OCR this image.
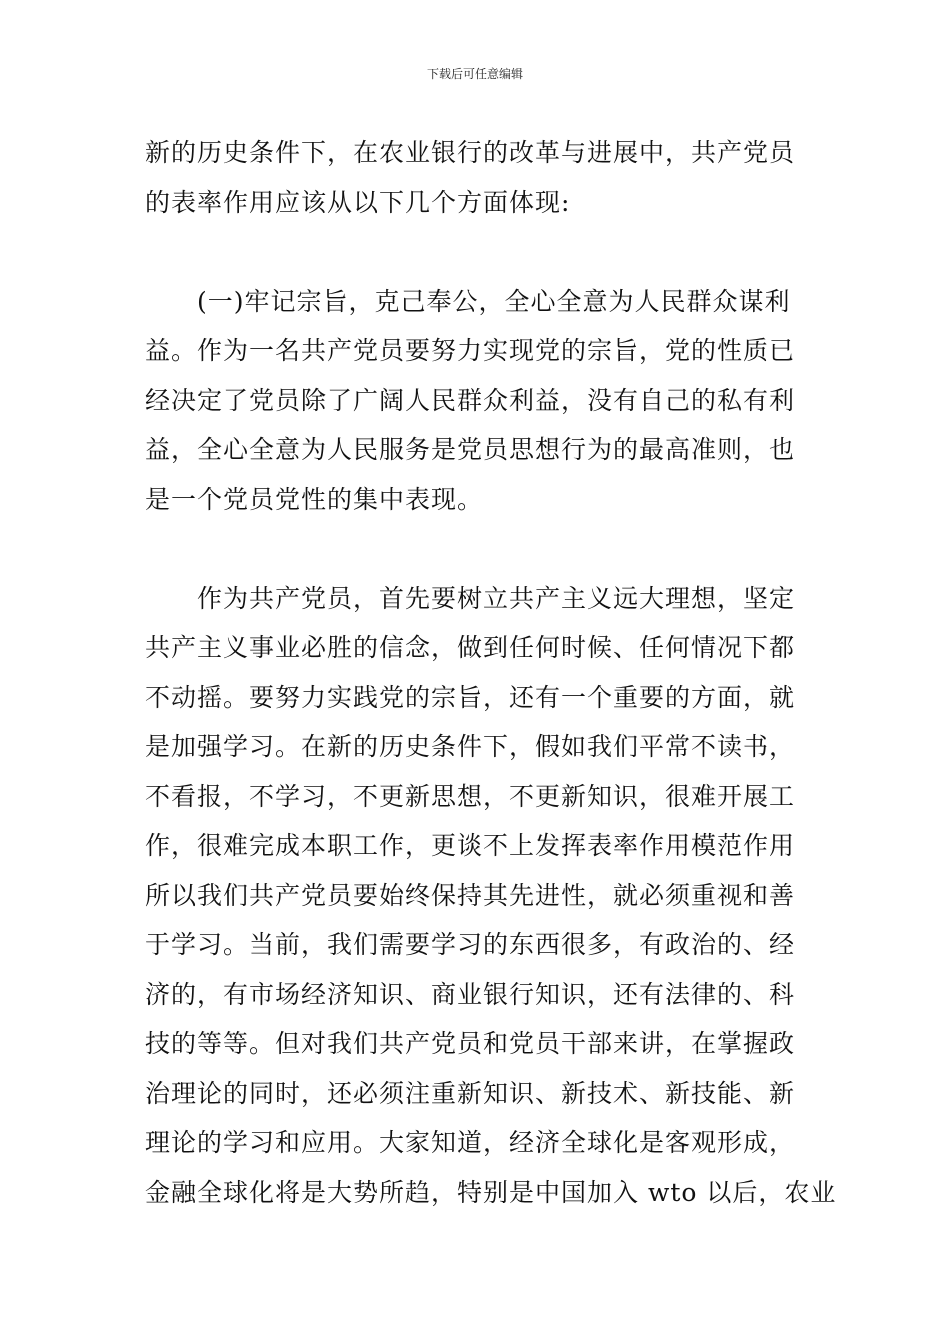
下载后可任意编辑
新的历史条件下，在农业银行的改革与进展中，共产党员
的表率作用应该从以下几个方面体现:
(一)牢记宗旨，克己奉公，全心全意为人民群众谋利
益。作为一名共产党员要努力实现党的宗旨，党的性质已
经决定了党员除了广阔人民群众利益，没有自己的私有利
益，全心全意为人民服务是党员思想行为的最高准则，也
是一个党员党性的集中表现。
作为共产党员，首先要树立共产主义远大理想，坚定
共产主义事业必胜的信念，做到任何时候、任何情况下都
不动摇。要努力实践党的宗旨，还有一个重要的方面，就
是加强学习。在新的历史条件下，假如我们平常不读书，
不看报，不学习，不更新思想，不更新知识，很难开展工
作，很难完成本职工作，更谈不上发挥表率作用模范作用
所以我们共产党员要始终保持其先进性，就必须重视和善
于学习。当前，我们需要学习的东西很多，有政治的、经
济的，有市场经济知识、商业银行知识，还有法律的、科
技的等等。但对我们共产党员和党员干部来讲，在掌握政
治理论的同时，还必须注重新知识、新技术、新技能、新
理论的学习和应用。大家知道，经济全球化是客观形成，
金融全球化将是大势所趋，特别是中国加入 wto 以后，农业
